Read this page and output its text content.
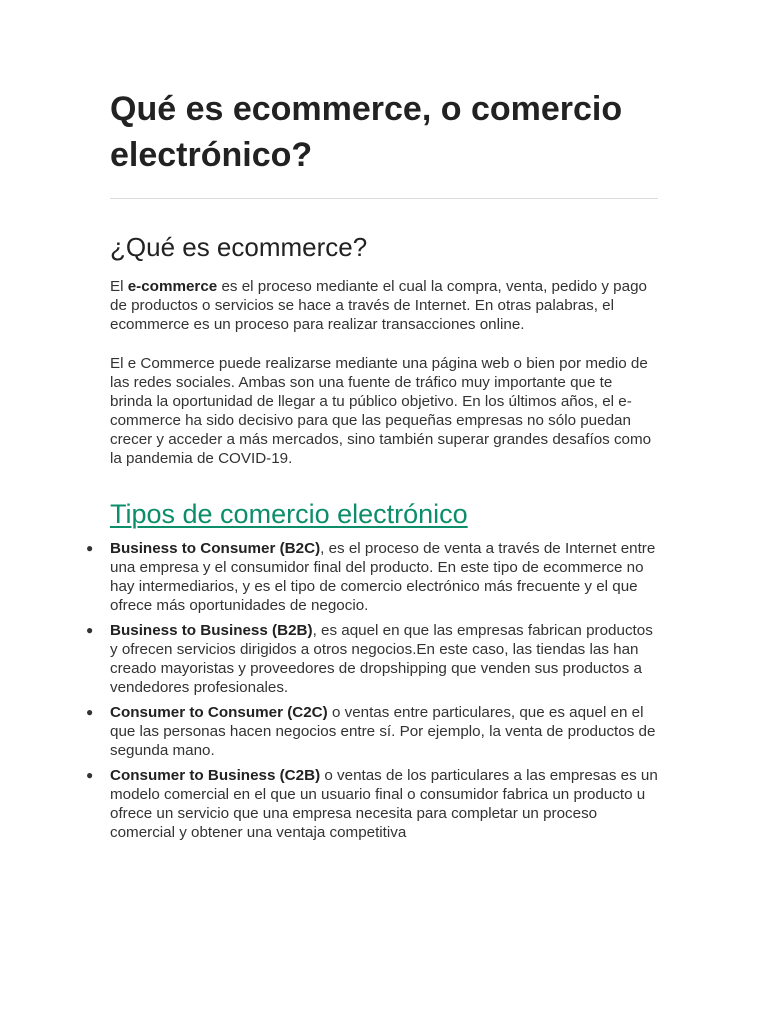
Qué es ecommerce, o comercio electrónico?
¿Qué es ecommerce?

El e-commerce es el proceso mediante el cual la compra, venta, pedido y pago de productos o servicios se hace a través de Internet. En otras palabras, el ecommerce es un proceso para realizar transacciones online.

El e Commerce puede realizarse mediante una página web o bien por medio de las redes sociales. Ambas son una fuente de tráfico muy importante que te brinda la oportunidad de llegar a tu público objetivo. En los últimos años, el e-commerce ha sido decisivo para que las pequeñas empresas no sólo puedan crecer y acceder a más mercados, sino también superar grandes desafíos como la pandemia de COVID-19.

Tipos de comercio electrónico
● Business to Consumer (B2C), es el proceso de venta a través de Internet entre una empresa y el consumidor final del producto. En este tipo de ecommerce no hay intermediarios, y es el tipo de comercio electrónico más frecuente y el que ofrece más oportunidades de negocio.
● Business to Business (B2B), es aquel en que las empresas fabrican productos y ofrecen servicios dirigidos a otros negocios.En este caso, las tiendas las han creado mayoristas y proveedores de dropshipping que venden sus productos a vendedores profesionales.
● Consumer to Consumer (C2C) o ventas entre particulares, que es aquel en el que las personas hacen negocios entre sí. Por ejemplo, la venta de productos de segunda mano.
● Consumer to Business (C2B) o ventas de los particulares a las empresas es un modelo comercial en el que un usuario final o consumidor fabrica un producto u ofrece un servicio que una empresa necesita para completar un proceso comercial y obtener una ventaja competitiva
